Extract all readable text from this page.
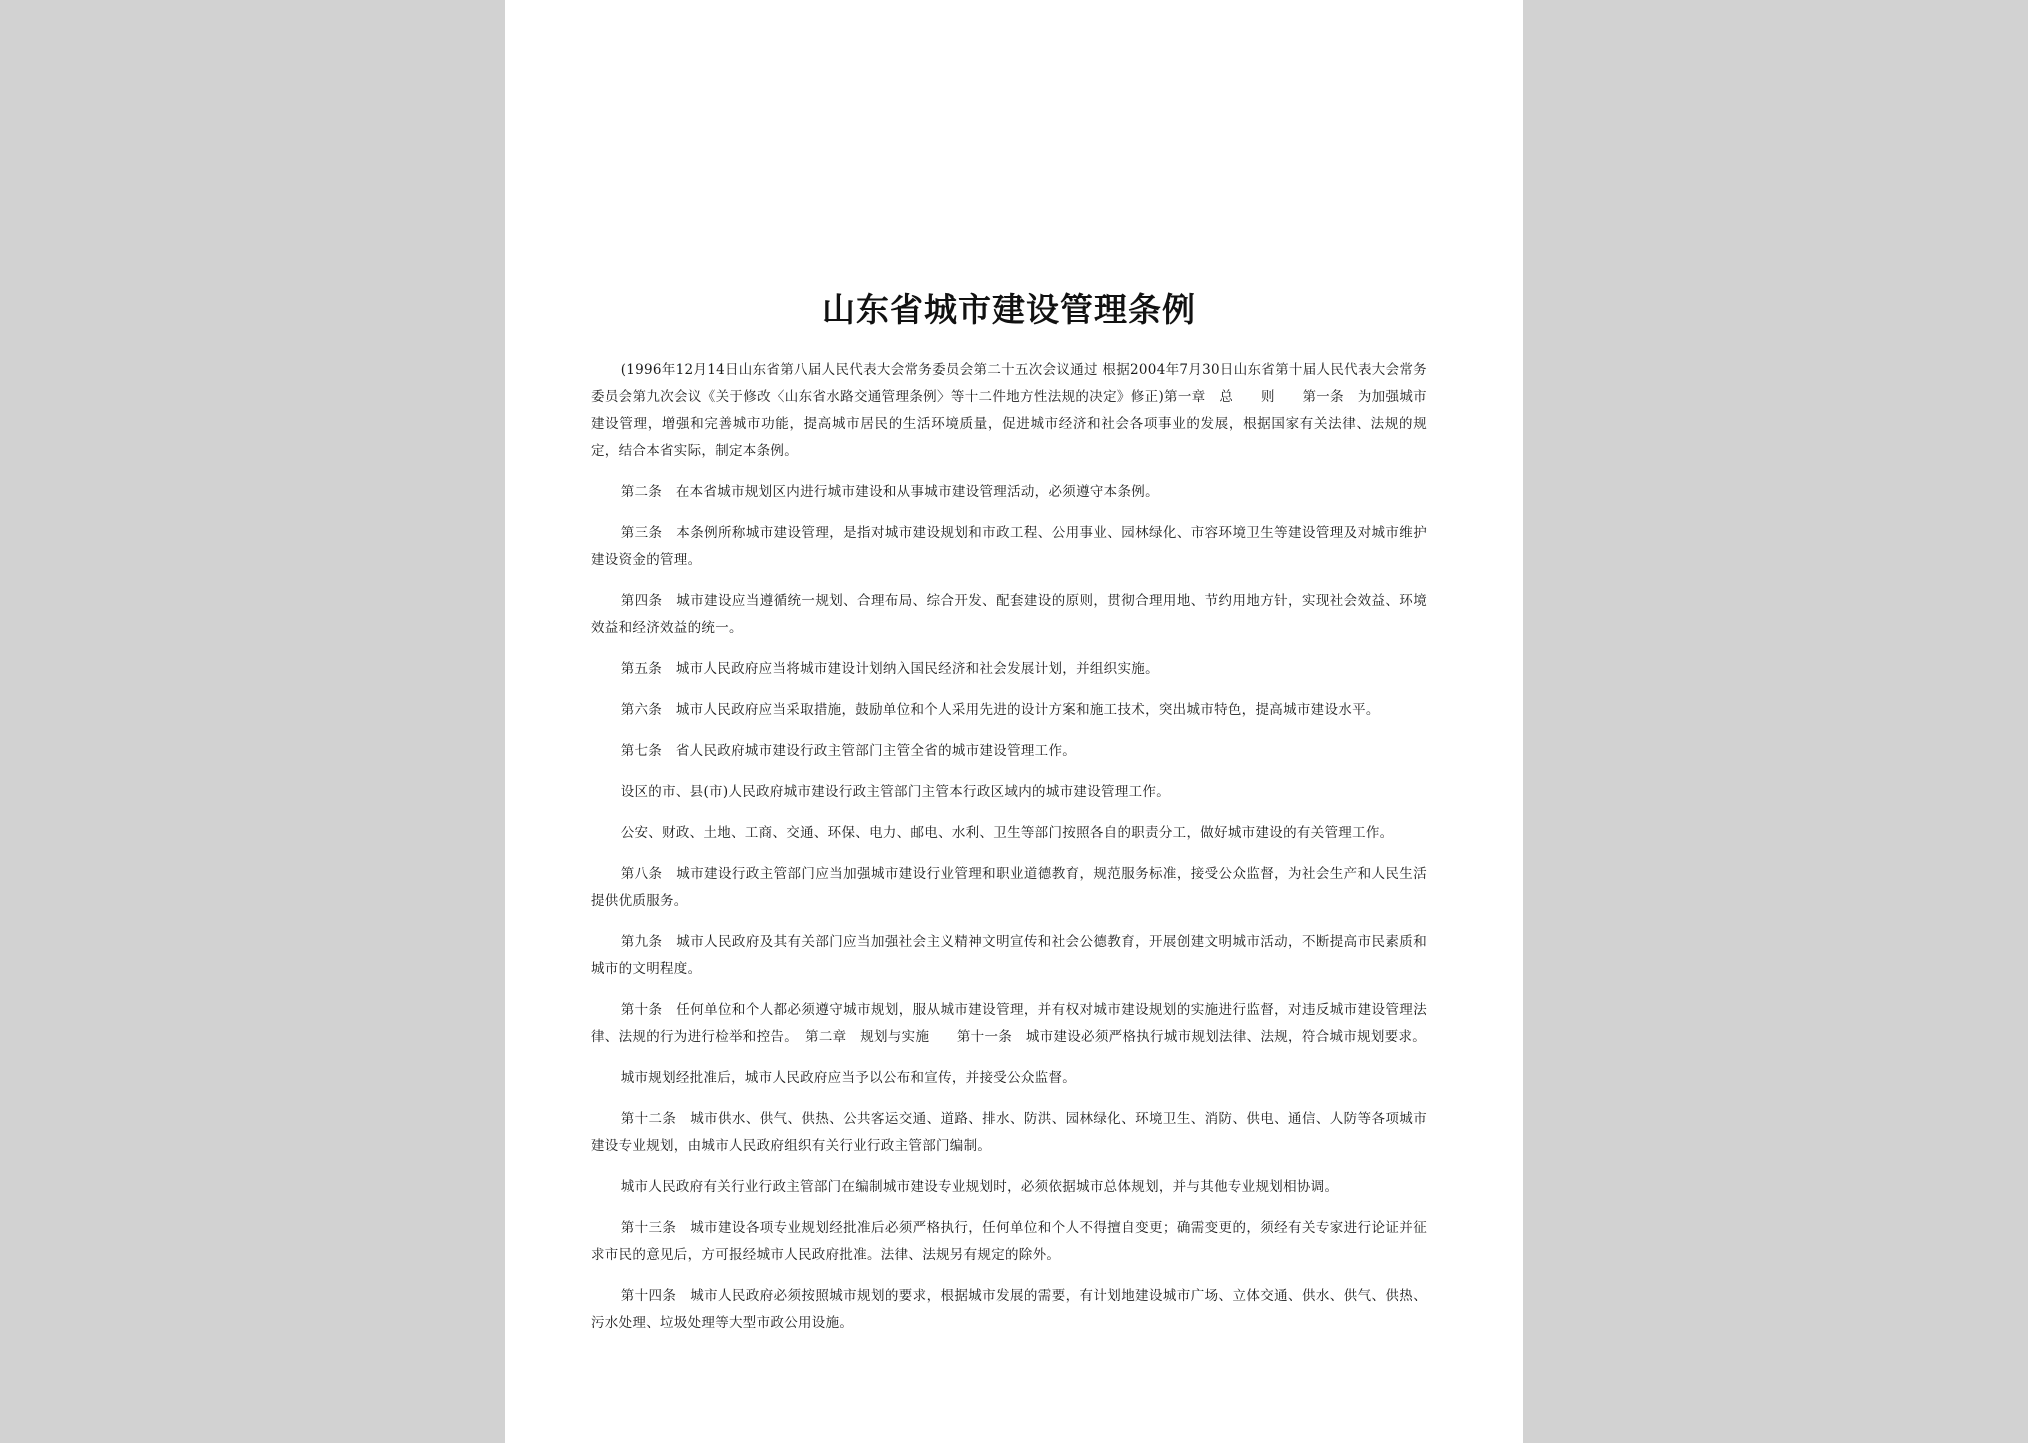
山东省城市建设管理条例

(1996年12月14日山东省第八届人民代表大会常务委员会第二十五次会议通过 根据2004年7月30日山东省第十届人民代表大会常务委员会第九次会议《关于修改〈山东省水路交通管理条例〉等十二件地方性法规的决定》修正)第一章　总　　则　　第一条　为加强城市建设管理，增强和完善城市功能，提高城市居民的生活环境质量，促进城市经济和社会各项事业的发展，根据国家有关法律、法规的规定，结合本省实际，制定本条例。

第二条　在本省城市规划区内进行城市建设和从事城市建设管理活动，必须遵守本条例。

第三条　本条例所称城市建设管理，是指对城市建设规划和市政工程、公用事业、园林绿化、市容环境卫生等建设管理及对城市维护建设资金的管理。

第四条　城市建设应当遵循统一规划、合理布局、综合开发、配套建设的原则，贯彻合理用地、节约用地方针，实现社会效益、环境效益和经济效益的统一。

第五条　城市人民政府应当将城市建设计划纳入国民经济和社会发展计划，并组织实施。

第六条　城市人民政府应当采取措施，鼓励单位和个人采用先进的设计方案和施工技术，突出城市特色，提高城市建设水平。

第七条　省人民政府城市建设行政主管部门主管全省的城市建设管理工作。

设区的市、县(市)人民政府城市建设行政主管部门主管本行政区域内的城市建设管理工作。

公安、财政、土地、工商、交通、环保、电力、邮电、水利、卫生等部门按照各自的职责分工，做好城市建设的有关管理工作。

第八条　城市建设行政主管部门应当加强城市建设行业管理和职业道德教育，规范服务标准，接受公众监督，为社会生产和人民生活提供优质服务。

第九条　城市人民政府及其有关部门应当加强社会主义精神文明宣传和社会公德教育，开展创建文明城市活动，不断提高市民素质和城市的文明程度。

第十条　任何单位和个人都必须遵守城市规划，服从城市建设管理，并有权对城市建设规划的实施进行监督，对违反城市建设管理法律、法规的行为进行检举和控告。　第二章　规划与实施　　第十一条　城市建设必须严格执行城市规划法律、法规，符合城市规划要求。

城市规划经批准后，城市人民政府应当予以公布和宣传，并接受公众监督。

第十二条　城市供水、供气、供热、公共客运交通、道路、排水、防洪、园林绿化、环境卫生、消防、供电、通信、人防等各项城市建设专业规划，由城市人民政府组织有关行业行政主管部门编制。

城市人民政府有关行业行政主管部门在编制城市建设专业规划时，必须依据城市总体规划，并与其他专业规划相协调。

第十三条　城市建设各项专业规划经批准后必须严格执行，任何单位和个人不得擅自变更；确需变更的，须经有关专家进行论证并征求市民的意见后，方可报经城市人民政府批准。法律、法规另有规定的除外。

第十四条　城市人民政府必须按照城市规划的要求，根据城市发展的需要，有计划地建设城市广场、立体交通、供水、供气、供热、污水处理、垃圾处理等大型市政公用设施。
